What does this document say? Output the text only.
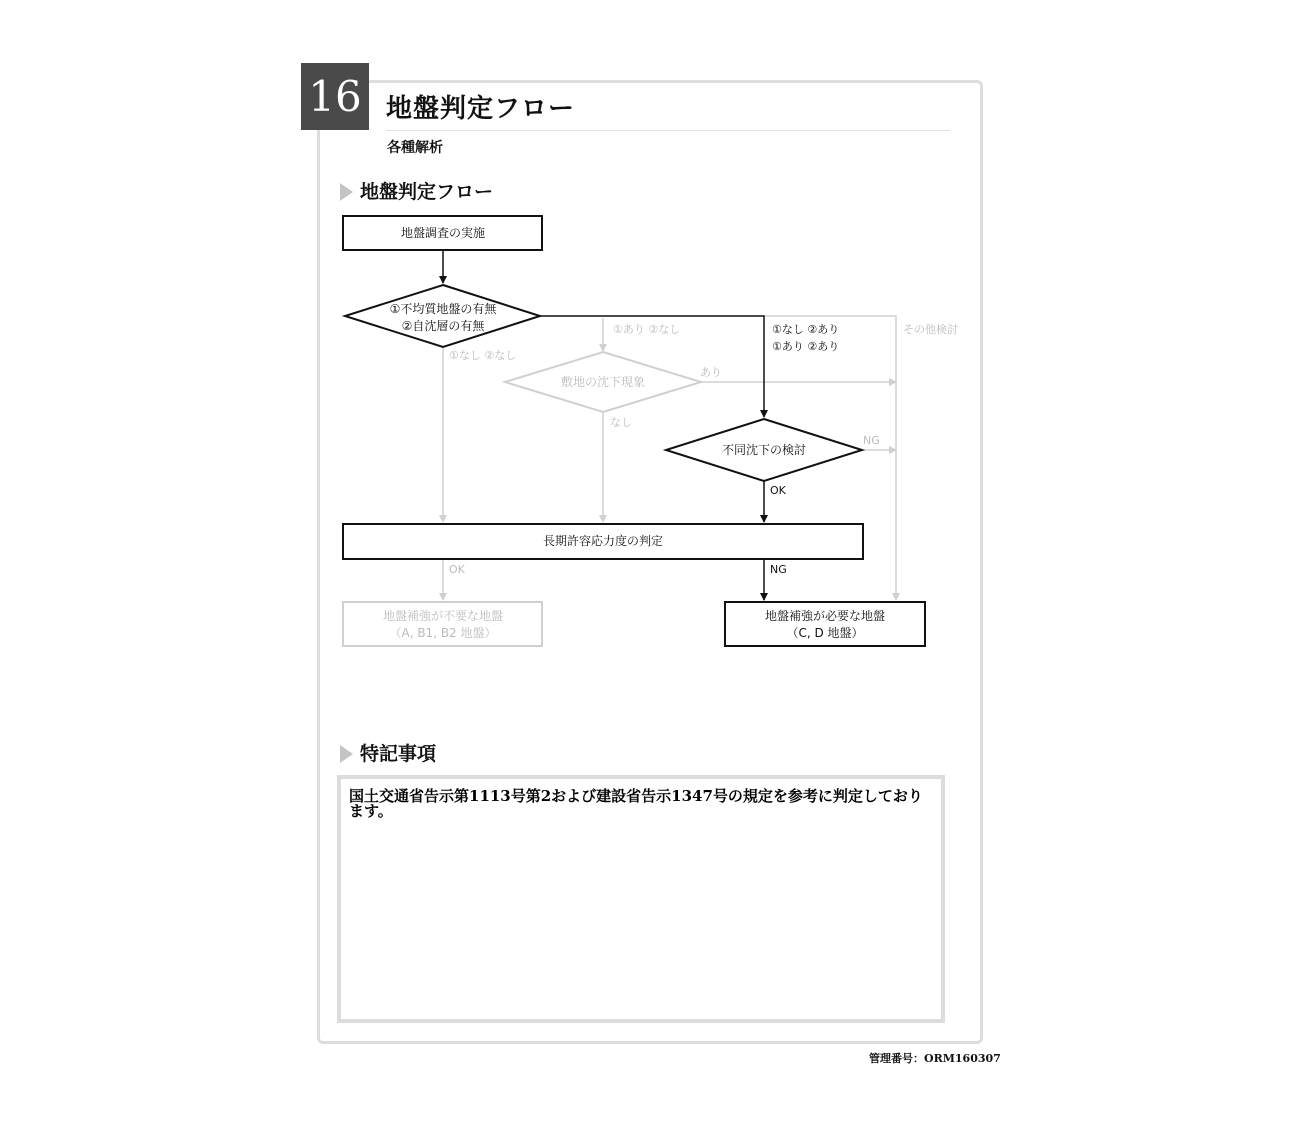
16 地盤判定フロー
各種解析
地盤判定フロー
地盤調査の実施
①不均質地盤の有無
②自沈層の有無
不同沈下の検討
長期許容応力度の判定
地盤補強が必要な地盤
（C, D 地盤）
①なし ②あり
①あり ②あり
OK
NG
敷地の沈下現象
地盤補強が不要な地盤
（A, B1, B2 地盤）
①なし ②なし
①あり ②なし	その他検討
あり
なし
NG
OK
特記事項
国土交通省告示第1113号第2および建設省告示1347号の規定を参考に判定しております。
管理番号：ORM160307
